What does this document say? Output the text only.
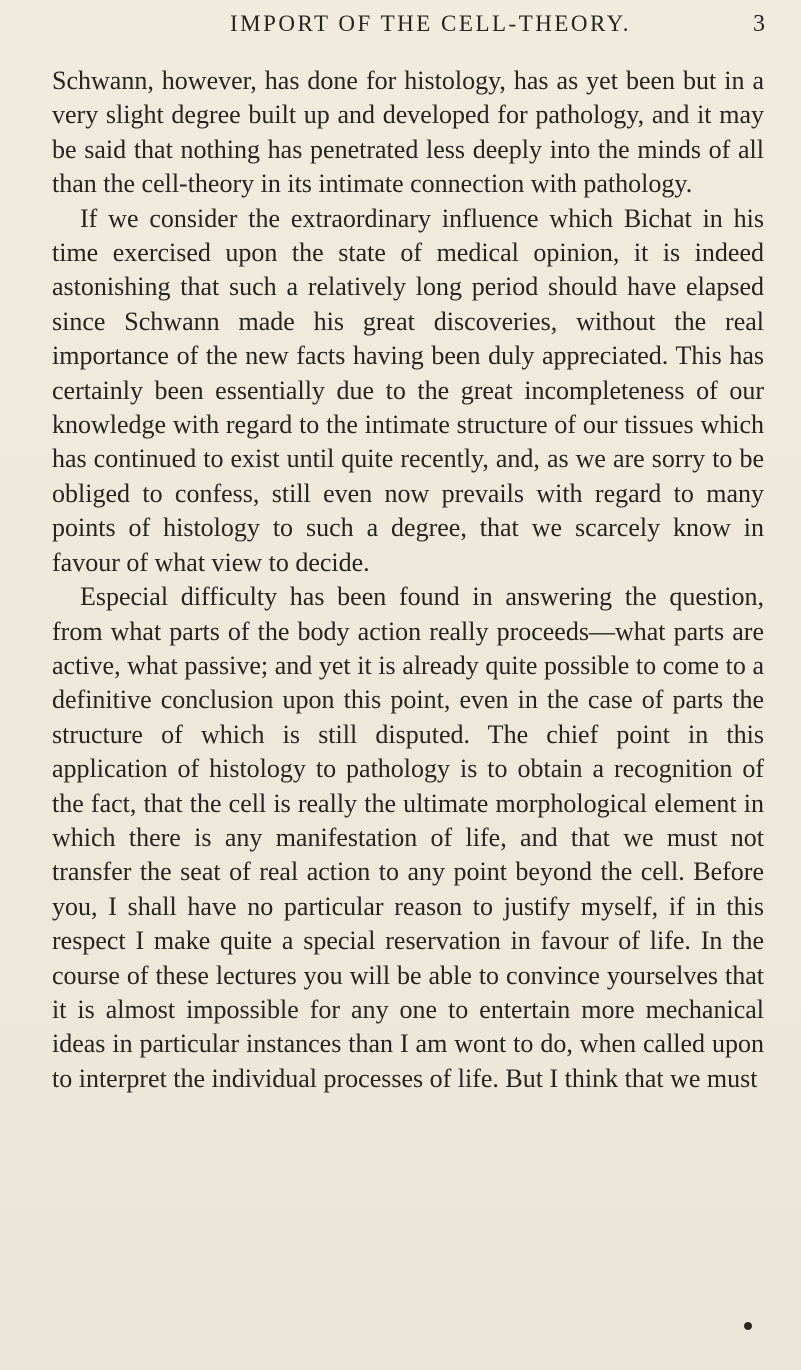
IMPORT OF THE CELL-THEORY.	3

Schwann, however, has done for histology, has as yet been but in a very slight degree built up and developed for pathology, and it may be said that nothing has penetrated less deeply into the minds of all than the cell-theory in its intimate connection with pathology.

If we consider the extraordinary influence which Bichat in his time exercised upon the state of medical opinion, it is indeed astonishing that such a relatively long period should have elapsed since Schwann made his great discoveries, without the real importance of the new facts having been duly appreciated. This has certainly been essentially due to the great incompleteness of our knowledge with regard to the intimate structure of our tissues which has continued to exist until quite recently, and, as we are sorry to be obliged to confess, still even now prevails with regard to many points of histology to such a degree, that we scarcely know in favour of what view to decide.

Especial difficulty has been found in answering the question, from what parts of the body action really proceeds—what parts are active, what passive; and yet it is already quite possible to come to a definitive conclusion upon this point, even in the case of parts the structure of which is still disputed. The chief point in this application of histology to pathology is to obtain a recognition of the fact, that the cell is really the ultimate morphological element in which there is any manifestation of life, and that we must not transfer the seat of real action to any point beyond the cell. Before you, I shall have no particular reason to justify myself, if in this respect I make quite a special reservation in favour of life. In the course of these lectures you will be able to convince yourselves that it is almost impossible for any one to entertain more mechanical ideas in particular instances than I am wont to do, when called upon to interpret the individual processes of life. But I think that we must
